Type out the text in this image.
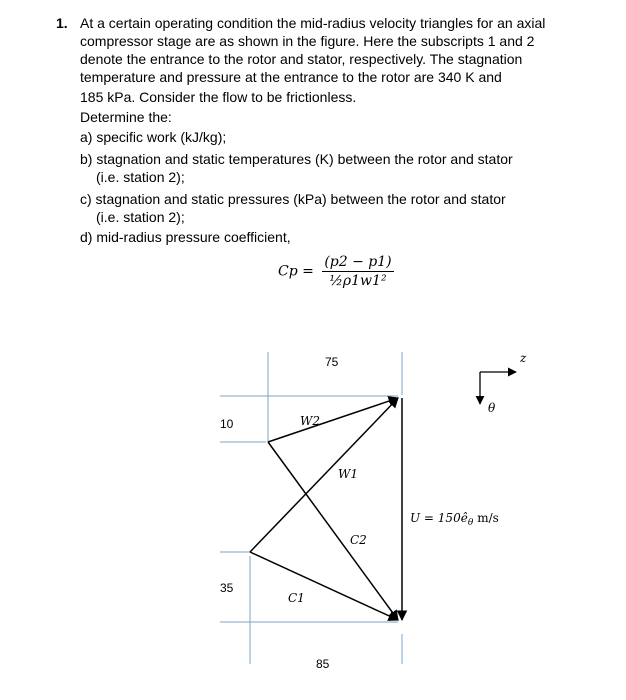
1. At a certain operating condition the mid-radius velocity triangles for an axial
compressor stage are as shown in the figure. Here the subscripts 1 and 2
denote the entrance to the rotor and stator, respectively. The stagnation
temperature and pressure at the entrance to the rotor are 340 K and
185 kPa. Consider the flow to be frictionless.
Determine the:
a) specific work (kJ/kg);
b) stagnation and static temperatures (K) between the rotor and stator
(i.e. station 2);
c) stagnation and static pressures (kPa) between the rotor and stator
(i.e. station 2);
d) mid-radius pressure coefficient,
$Cp = \frac{(p2 - p1)}{\text{½ρ1w1²}}$
75
10
35
85
W2
W1
C2
C1
$U = 150ê_\theta$ m/s
z
θ
